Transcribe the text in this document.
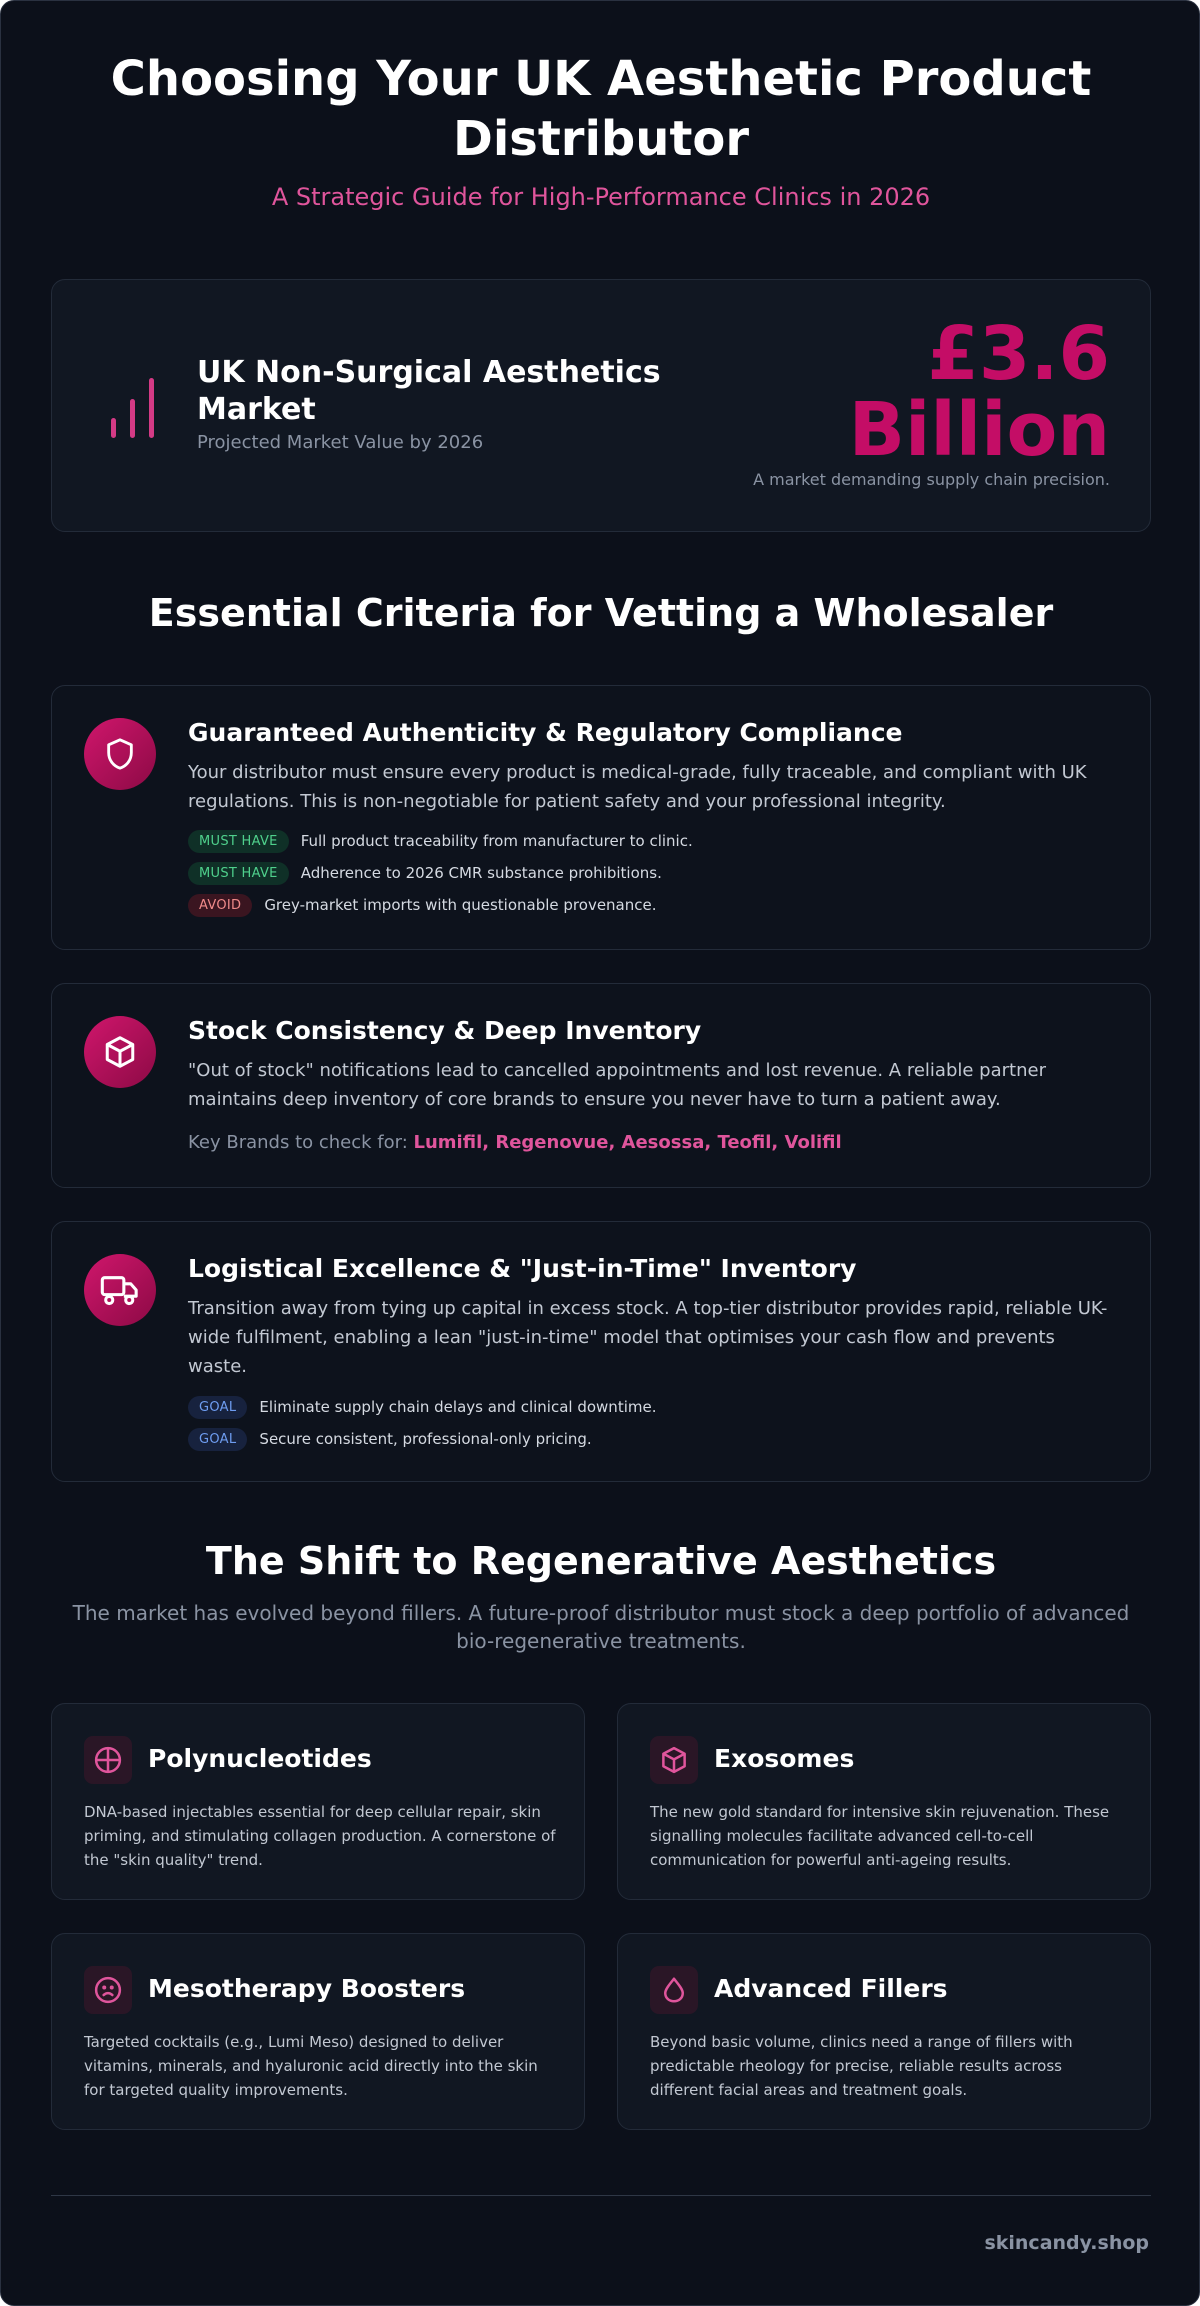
Choosing Your UK Aesthetic Product Distributor
A Strategic Guide for High-Performance Clinics in 2026
UK Non-Surgical Aesthetics Market
Projected Market Value by 2026
£3.6 Billion
A market demanding supply chain precision.
Essential Criteria for Vetting a Wholesaler
Guaranteed Authenticity & Regulatory Compliance
Your distributor must ensure every product is medical-grade, fully traceable, and compliant with UK regulations. This is non-negotiable for patient safety and your professional integrity.
MUST HAVE	Full product traceability from manufacturer to clinic.
MUST HAVE	Adherence to 2026 CMR substance prohibitions.
AVOID	Grey-market imports with questionable provenance.
Stock Consistency & Deep Inventory
"Out of stock" notifications lead to cancelled appointments and lost revenue. A reliable partner maintains deep inventory of core brands to ensure you never have to turn a patient away.
Key Brands to check for: Lumifil, Regenovue, Aesossa, Teofil, Volifil
Logistical Excellence & "Just-in-Time" Inventory
Transition away from tying up capital in excess stock. A top-tier distributor provides rapid, reliable UK-wide fulfilment, enabling a lean "just-in-time" model that optimises your cash flow and prevents waste.
GOAL	Eliminate supply chain delays and clinical downtime.
GOAL	Secure consistent, professional-only pricing.
The Shift to Regenerative Aesthetics
The market has evolved beyond fillers. A future-proof distributor must stock a deep portfolio of advanced bio-regenerative treatments.
Polynucleotides
DNA-based injectables essential for deep cellular repair, skin priming, and stimulating collagen production. A cornerstone of the "skin quality" trend.
Exosomes
The new gold standard for intensive skin rejuvenation. These signalling molecules facilitate advanced cell-to-cell communication for powerful anti-ageing results.
Mesotherapy Boosters
Targeted cocktails (e.g., Lumi Meso) designed to deliver vitamins, minerals, and hyaluronic acid directly into the skin for targeted quality improvements.
Advanced Fillers
Beyond basic volume, clinics need a range of fillers with predictable rheology for precise, reliable results across different facial areas and treatment goals.
skincandy.shop
